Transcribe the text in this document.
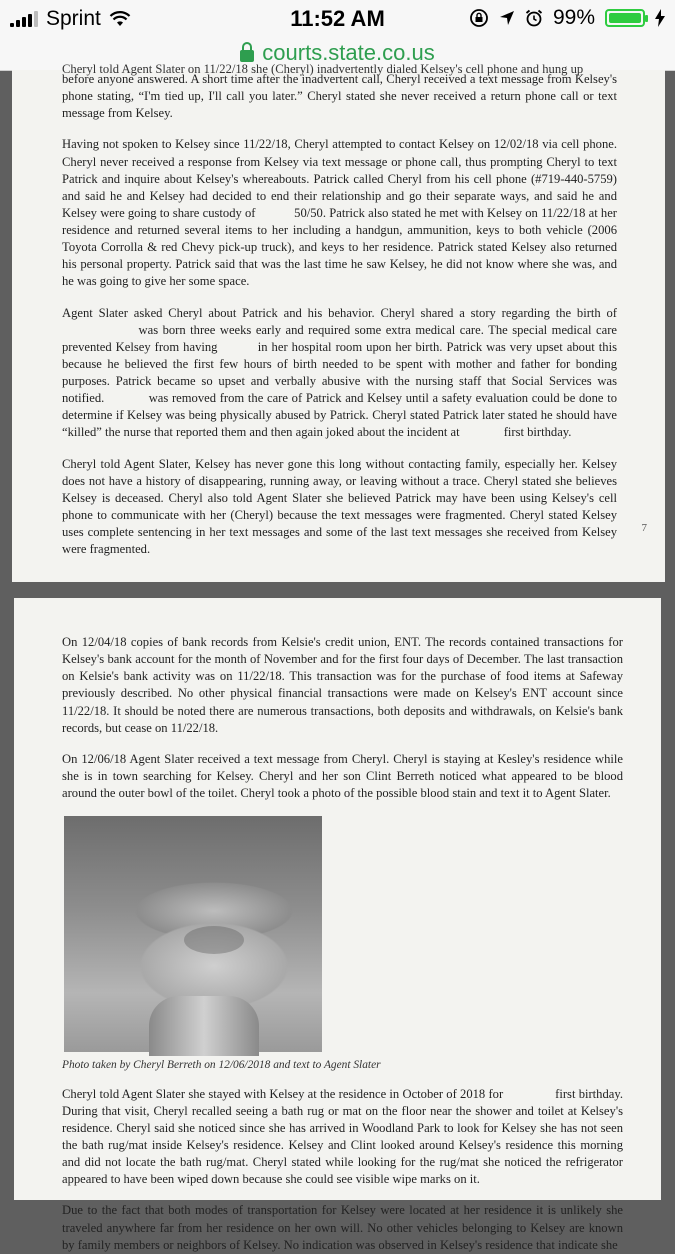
Sprint	11:52 AM	99%
courts.state.co.us
Cheryl told Agent Slater on 11/22/18 she (Cheryl) inadvertently dialed Kelsey's cell phone and hung up

before anyone answered. A short time after the inadvertent call, Cheryl received a text message from Kelsey's phone stating, “I'm tied up, I'll call you later.” Cheryl stated she never received a return phone call or text message from Kelsey.

Having not spoken to Kelsey since 11/22/18, Cheryl attempted to contact Kelsey on 12/02/18 via cell phone. Cheryl never received a response from Kelsey via text message or phone call, thus prompting Cheryl to text Patrick and inquire about Kelsey's whereabouts. Patrick called Cheryl from his cell phone (#719-440-5759) and said he and Kelsey had decided to end their relationship and go their separate ways, and said he and Kelsey were going to share custody of            50/50. Patrick also stated he met with Kelsey on 11/22/18 at her residence and returned several items to her including a handgun, ammunition, keys to both vehicle (2006 Toyota Corrolla & red Chevy pick-up truck), and keys to her residence. Patrick stated Kelsey also returned his personal property. Patrick said that was the last time he saw Kelsey, he did not know where she was, and he was going to give her some space.

Agent Slater asked Cheryl about Patrick and his behavior. Cheryl shared a story regarding the birth of                  was born three weeks early and required some extra medical care. The special medical care prevented Kelsey from having          in her hospital room upon her birth. Patrick was very upset about this because he believed the first few hours of birth needed to be spent with mother and father for bonding purposes. Patrick became so upset and verbally abusive with the nursing staff that Social Services was notified.            was removed from the care of Patrick and Kelsey until a safety evaluation could be done to determine if Kelsey was being physically abused by Patrick. Cheryl stated Patrick later stated he should have “killed” the nurse that reported them and then again joked about the incident at              first birthday.

Cheryl told Agent Slater, Kelsey has never gone this long without contacting family, especially her. Kelsey does not have a history of disappearing, running away, or leaving without a trace. Cheryl stated she believes Kelsey is deceased. Cheryl also told Agent Slater she believed Patrick may have been using Kelsey's cell phone to communicate with her (Cheryl) because the text messages were fragmented. Cheryl stated Kelsey uses complete sentencing in her text messages and some of the last text messages she received from Kelsey were fragmented.

7

On 12/04/18 copies of bank records from Kelsie's credit union, ENT. The records contained transactions for Kelsey's bank account for the month of November and for the first four days of December. The last transaction on Kelsie's bank activity was on 11/22/18. This transaction was for the purchase of food items at Safeway previously described. No other physical financial transactions were made on Kelsey's ENT account since 11/22/18. It should be noted there are numerous transactions, both deposits and withdrawals, on Kelsie's bank records, but cease on 11/22/18.

On 12/06/18 Agent Slater received a text message from Cheryl. Cheryl is staying at Kesley's residence while she is in town searching for Kelsey. Cheryl and her son Clint Berreth noticed what appeared to be blood around the outer bowl of the toilet. Cheryl took a photo of the possible blood stain and text it to Agent Slater.

Photo taken by Cheryl Berreth on 12/06/2018 and text to Agent Slater

Cheryl told Agent Slater she stayed with Kelsey at the residence in October of 2018 for                first birthday. During that visit, Cheryl recalled seeing a bath rug or mat on the floor near the shower and toilet at Kelsey's residence. Cheryl said she noticed since she has arrived in Woodland Park to look for Kelsey she has not seen the bath rug/mat inside Kelsey's residence. Kelsey and Clint looked around Kelsey's residence this morning and did not locate the bath rug/mat. Cheryl stated while looking for the rug/mat she noticed the refrigerator appeared to have been wiped down because she could see visible wipe marks on it.

Due to the fact that both modes of transportation for Kelsey were located at her residence it is unlikely she traveled anywhere far from her residence on her own will. No other vehicles belonging to Kelsey are known by family members or neighbors of Kelsey. No indication was observed in Kelsey's residence that indicate she
